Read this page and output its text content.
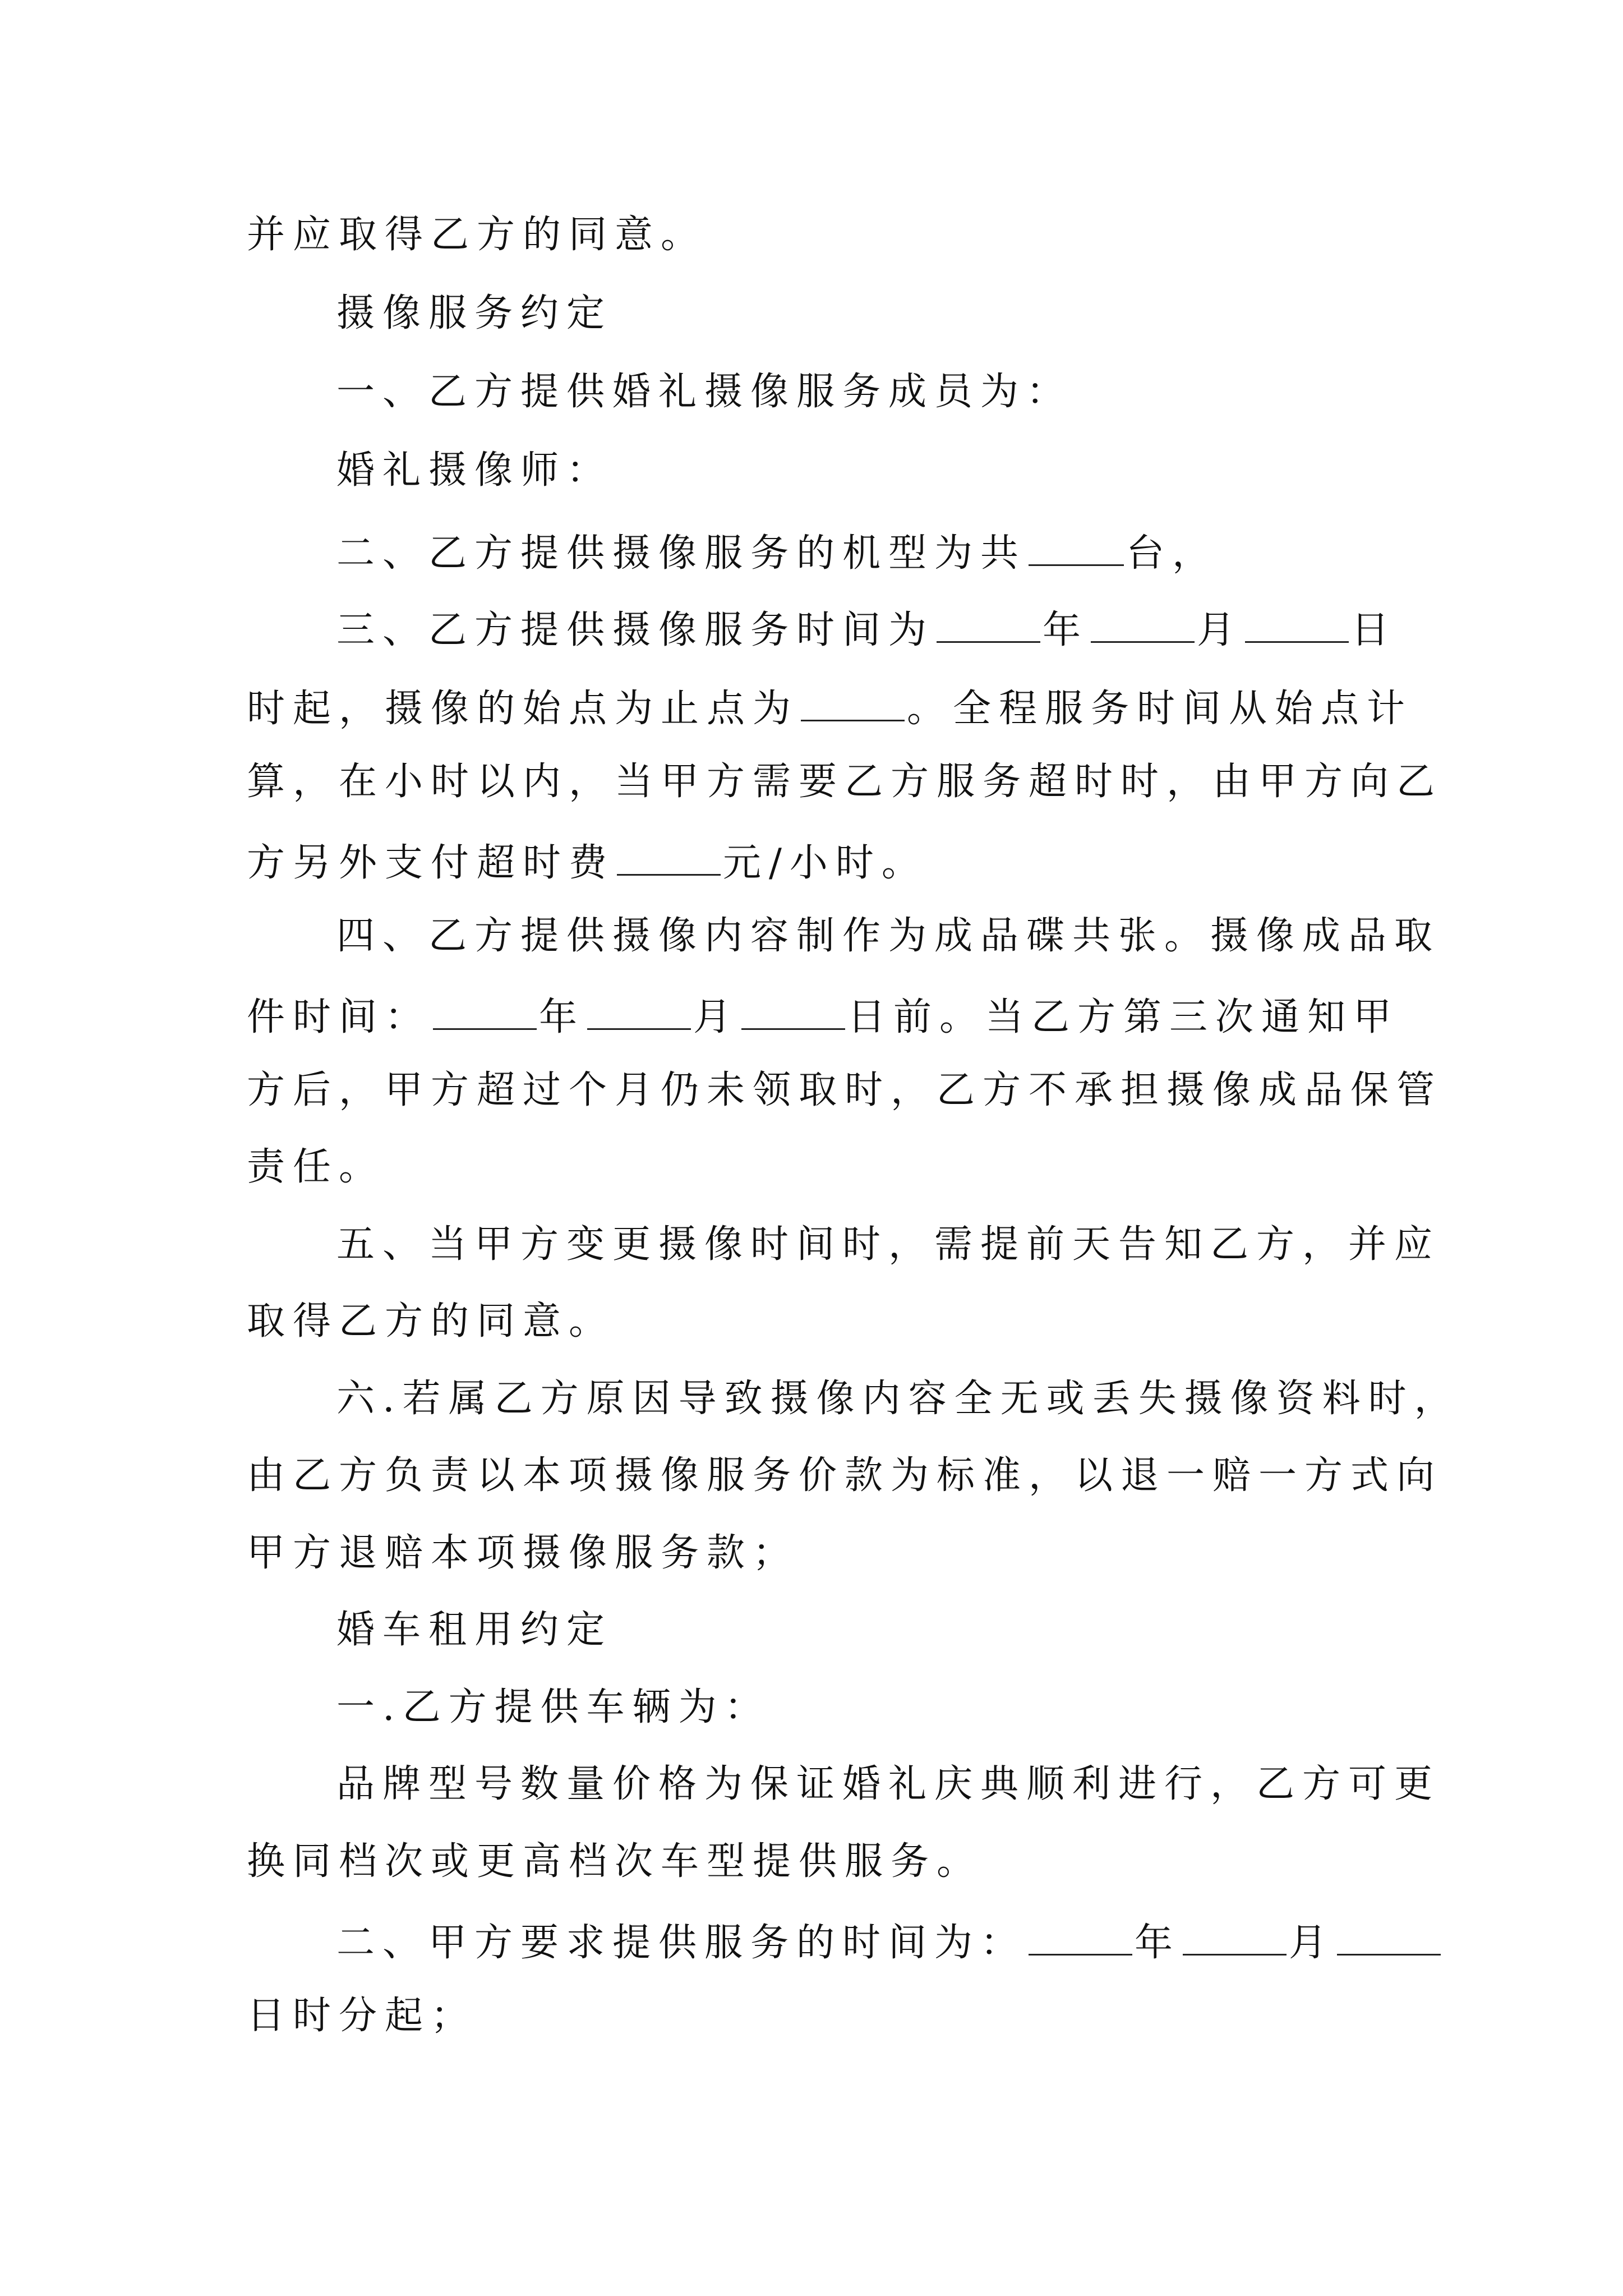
并应取得乙方的同意。
摄像服务约定
一、乙方提供婚礼摄像服务成员为：
婚礼摄像师：
二、乙方提供摄像服务的机型为共	台，
三、乙方提供摄像服务时间为	年	月	日
时起，摄像的始点为止点为	。全程服务时间从始点计
算，在小时以内，当甲方需要乙方服务超时时，由甲方向乙
方另外支付超时费	元/小时。
四、乙方提供摄像内容制作为成品碟共张。摄像成品取
件时间：	年	月	日前。当乙方第三次通知甲
方后，甲方超过个月仍未领取时，乙方不承担摄像成品保管
责任。
五、当甲方变更摄像时间时，需提前天告知乙方，并应
取得乙方的同意。
六.若属乙方原因导致摄像内容全无或丢失摄像资料时，
由乙方负责以本项摄像服务价款为标准，以退一赔一方式向
甲方退赔本项摄像服务款；
婚车租用约定
一.乙方提供车辆为：
品牌型号数量价格为保证婚礼庆典顺利进行，乙方可更
换同档次或更高档次车型提供服务。
二、甲方要求提供服务的时间为：	年	月
日时分起；
